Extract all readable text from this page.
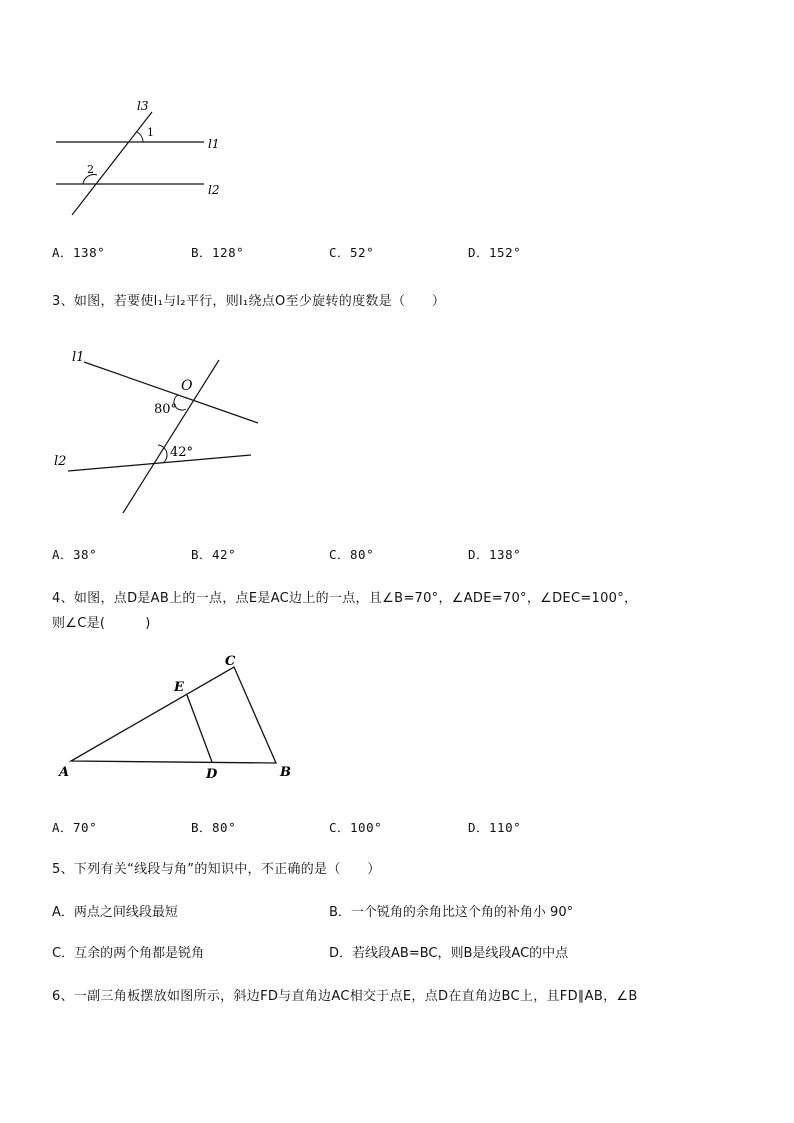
l3
1
l1
2
l2
A．138°	B．128°	C．52°	D．152°
3、如图，若要使l₁与l₂平行，则l₁绕点O至少旋转的度数是（　　）
l1
O
80°
42°
l2
A．38°	B．42°	C．80°	D．138°
4、如图，点D是AB上的一点，点E是AC边上的一点，且∠B=70°，∠ADE=70°，∠DEC=100°，
则∠C是(　　　)
A	B
C
D
E
A．70°	B．80°	C．100°	D．110°
5、下列有关“线段与角”的知识中，不正确的是（　　）
A．两点之间线段最短	B．一个锐角的余角比这个角的补角小 90°
C．互余的两个角都是锐角	D．若线段AB=BC，则B是线段AC的中点
6、一副三角板摆放如图所示，斜边FD与直角边AC相交于点E，点D在直角边BC上，且FD∥AB，∠B
